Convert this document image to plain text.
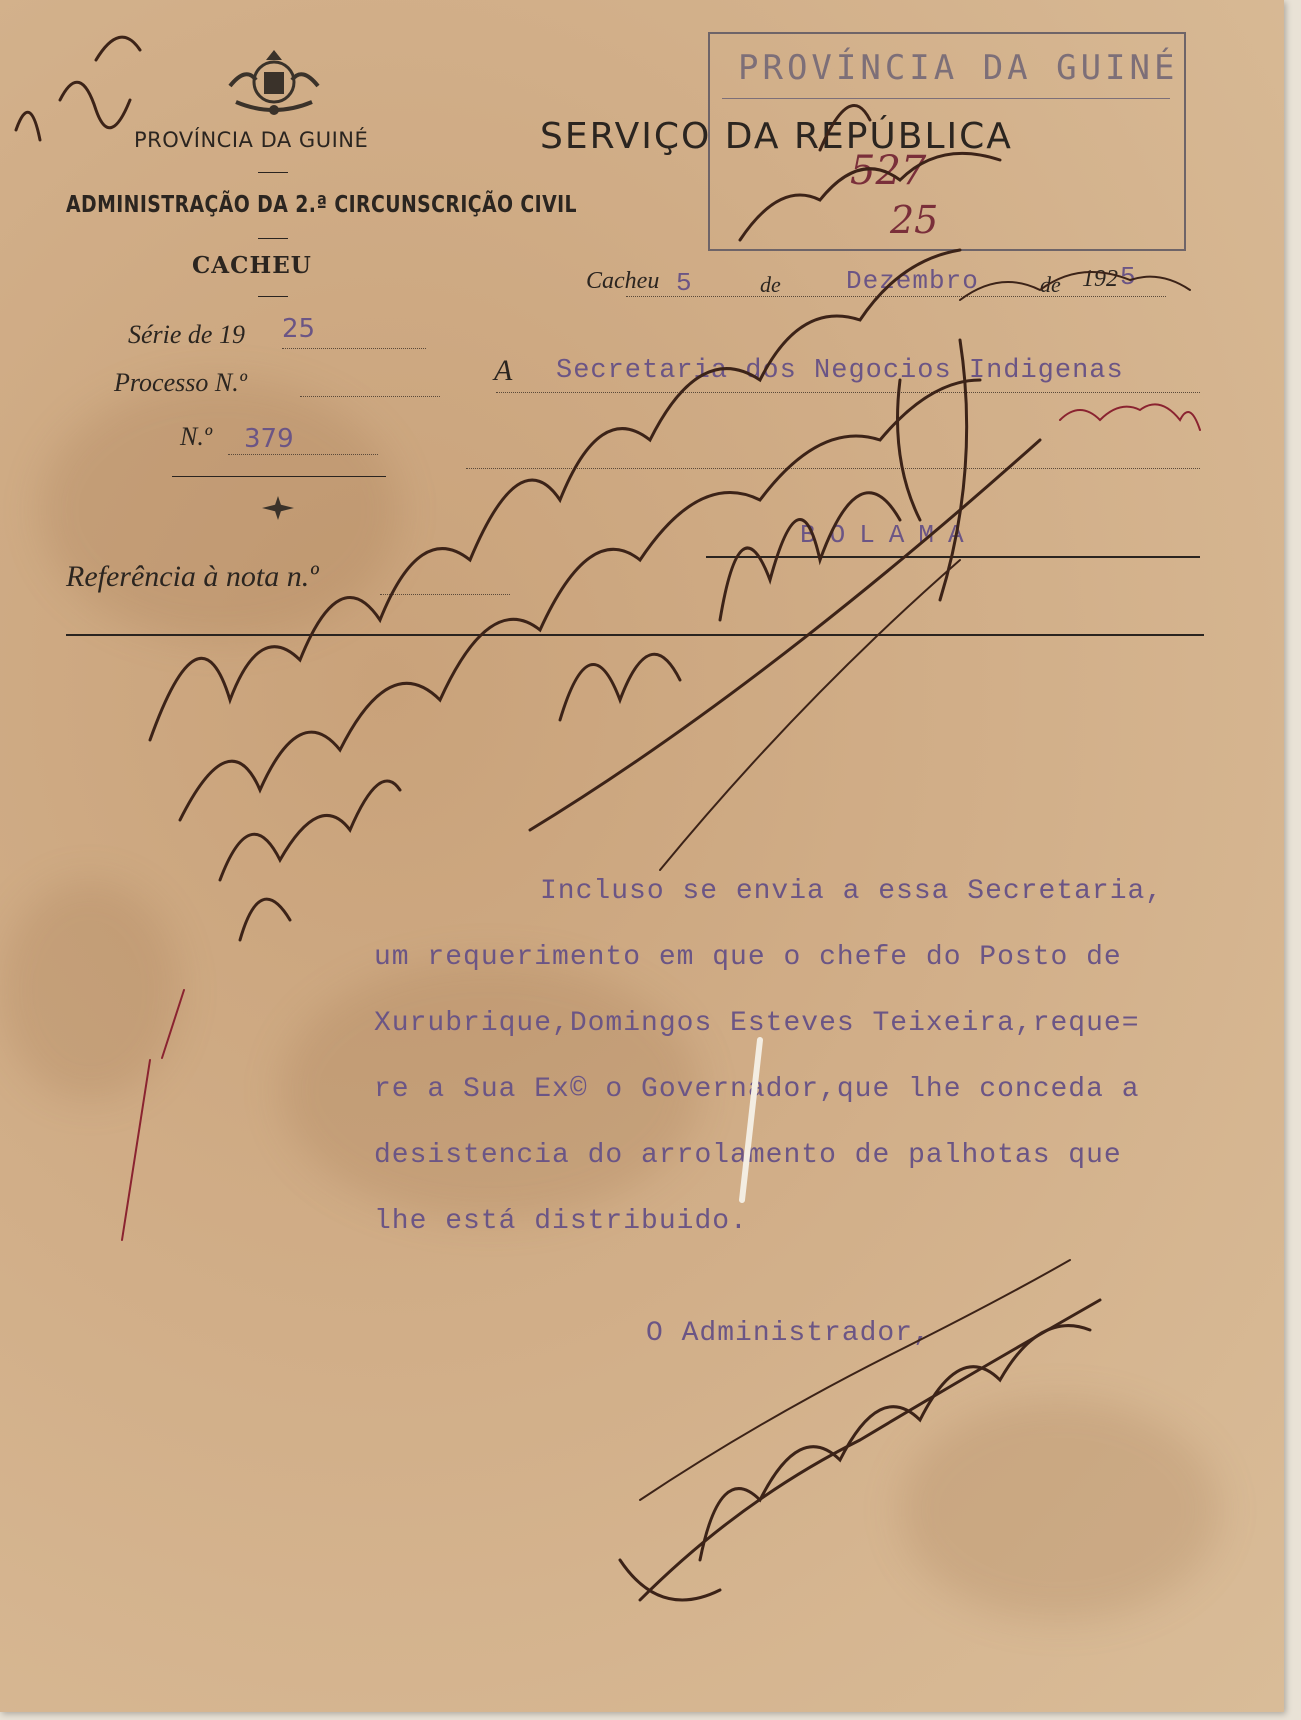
PROVÍNCIA DA GUINÉ
ADMINISTRAÇÃO DA 2.ª CIRCUNSCRIÇÃO CIVIL
CACHEU
Série de 19 25
Processo N.º
N.º 379
Referência à nota n.º
SERVIÇO DA REPÚBLICA
PROVÍNCIA DA GUINÉ
527
25
Cacheu 5	de	Dezembro	de 192 5
A Secretaria dos Negocios Indigenas
BOLAMA
Incluso se envia a essa Secretaria,
um requerimento em que o chefe do Posto de
Xurubrique,Domingos Esteves Teixeira,reque=
re a Sua Ex© o Governador,que lhe conceda a
desistencia do arrolamento de palhotas que
lhe está distribuido.
O Administrador,
